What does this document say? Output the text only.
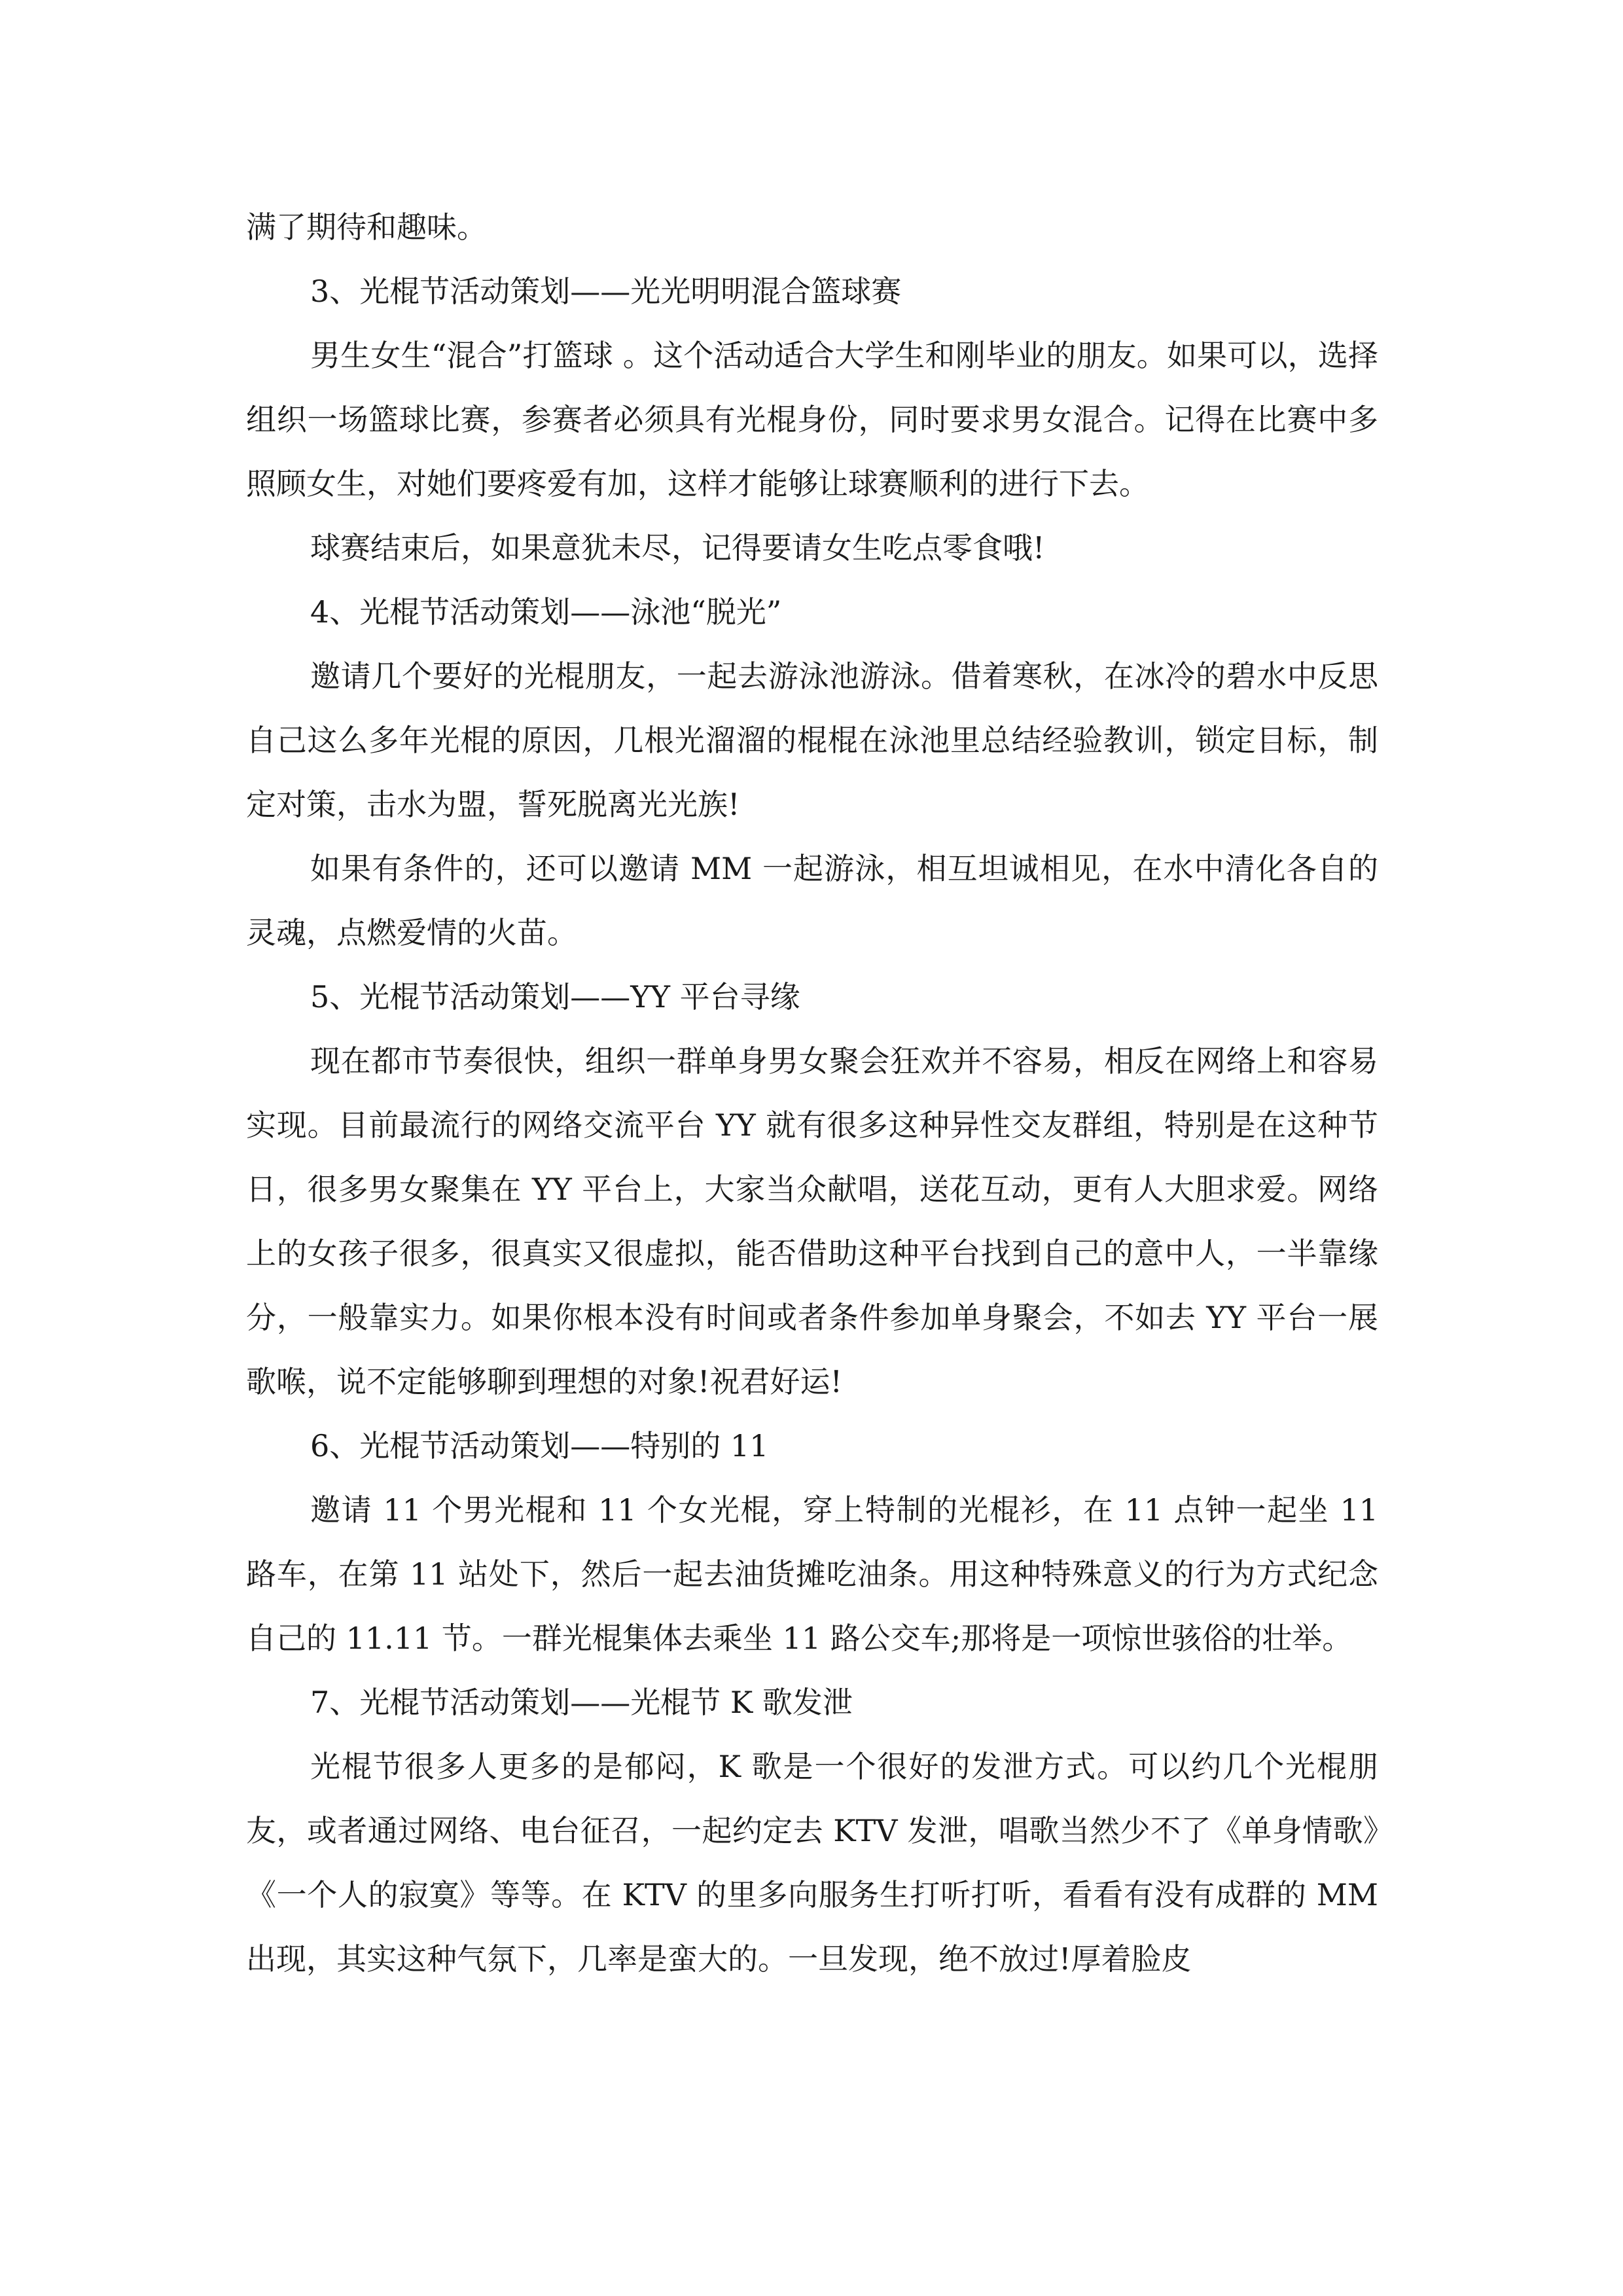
满了期待和趣味。

3、光棍节活动策划——光光明明混合篮球赛

男生女生“混合”打篮球 。这个活动适合大学生和刚毕业的朋友。如果可以，选择组织一场篮球比赛，参赛者必须具有光棍身份，同时要求男女混合。记得在比赛中多照顾女生，对她们要疼爱有加，这样才能够让球赛顺利的进行下去。

球赛结束后，如果意犹未尽，记得要请女生吃点零食哦!

4、光棍节活动策划——泳池“脱光”

邀请几个要好的光棍朋友，一起去游泳池游泳。借着寒秋，在冰冷的碧水中反思自己这么多年光棍的原因，几根光溜溜的棍棍在泳池里总结经验教训，锁定目标，制定对策，击水为盟，誓死脱离光光族!

如果有条件的，还可以邀请 MM 一起游泳，相互坦诚相见，在水中清化各自的灵魂，点燃爱情的火苗。

5、光棍节活动策划——YY 平台寻缘

现在都市节奏很快，组织一群单身男女聚会狂欢并不容易，相反在网络上和容易实现。目前最流行的网络交流平台 YY 就有很多这种异性交友群组，特别是在这种节日，很多男女聚集在 YY 平台上，大家当众献唱，送花互动，更有人大胆求爱。网络上的女孩子很多，很真实又很虚拟，能否借助这种平台找到自己的意中人，一半靠缘分，一般靠实力。如果你根本没有时间或者条件参加单身聚会，不如去 YY 平台一展歌喉，说不定能够聊到理想的对象!祝君好运!

6、光棍节活动策划——特别的 11

邀请 11 个男光棍和 11 个女光棍，穿上特制的光棍衫，在 11 点钟一起坐 11 路车，在第 11 站处下，然后一起去油货摊吃油条。用这种特殊意义的行为方式纪念自己的 11.11 节。一群光棍集体去乘坐 11 路公交车;那将是一项惊世骇俗的壮举。

7、光棍节活动策划——光棍节 K 歌发泄

光棍节很多人更多的是郁闷，K 歌是一个很好的发泄方式。可以约几个光棍朋友，或者通过网络、电台征召，一起约定去 KTV 发泄，唱歌当然少不了《单身情歌》《一个人的寂寞》等等。在 KTV 的里多向服务生打听打听，看看有没有成群的 MM 出现，其实这种气氛下，几率是蛮大的。一旦发现，绝不放过!厚着脸皮
